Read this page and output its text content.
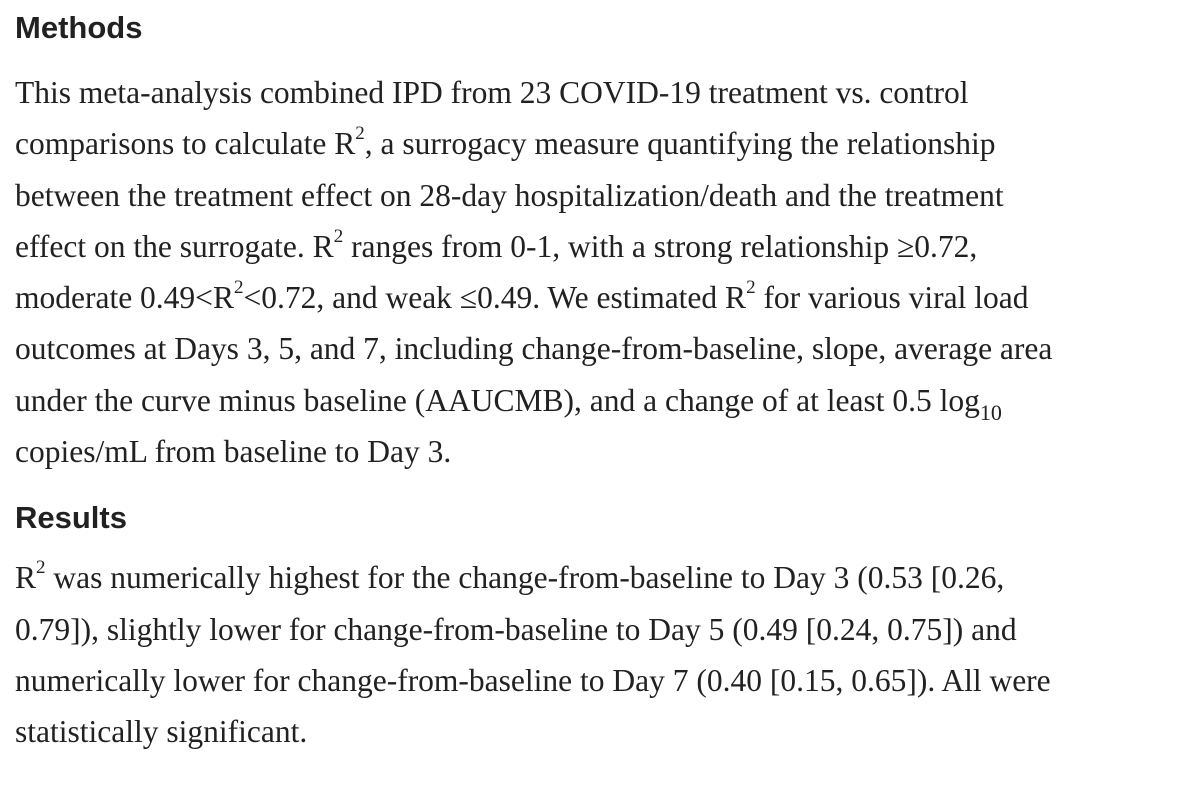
Methods

This meta-analysis combined IPD from 23 COVID-19 treatment vs. control
comparisons to calculate $R^2$, a surrogacy measure quantifying the relationship
between the treatment effect on 28-day hospitalization/death and the treatment
effect on the surrogate. $R^2$ ranges from 0-1, with a strong relationship ≥0.72,
moderate $0.49<R^2<0.72$, and weak ≤0.49. We estimated $R^2$ for various viral load
outcomes at Days 3, 5, and 7, including change-from-baseline, slope, average area
under the curve minus baseline (AAUCMB), and a change of at least 0.5 $\log_{10}$
copies/mL from baseline to Day 3.

Results

$R^2$ was numerically highest for the change-from-baseline to Day 3 (0.53 [0.26,
0.79]), slightly lower for change-from-baseline to Day 5 (0.49 [0.24, 0.75]) and
numerically lower for change-from-baseline to Day 7 (0.40 [0.15, 0.65]). All were
statistically significant.
